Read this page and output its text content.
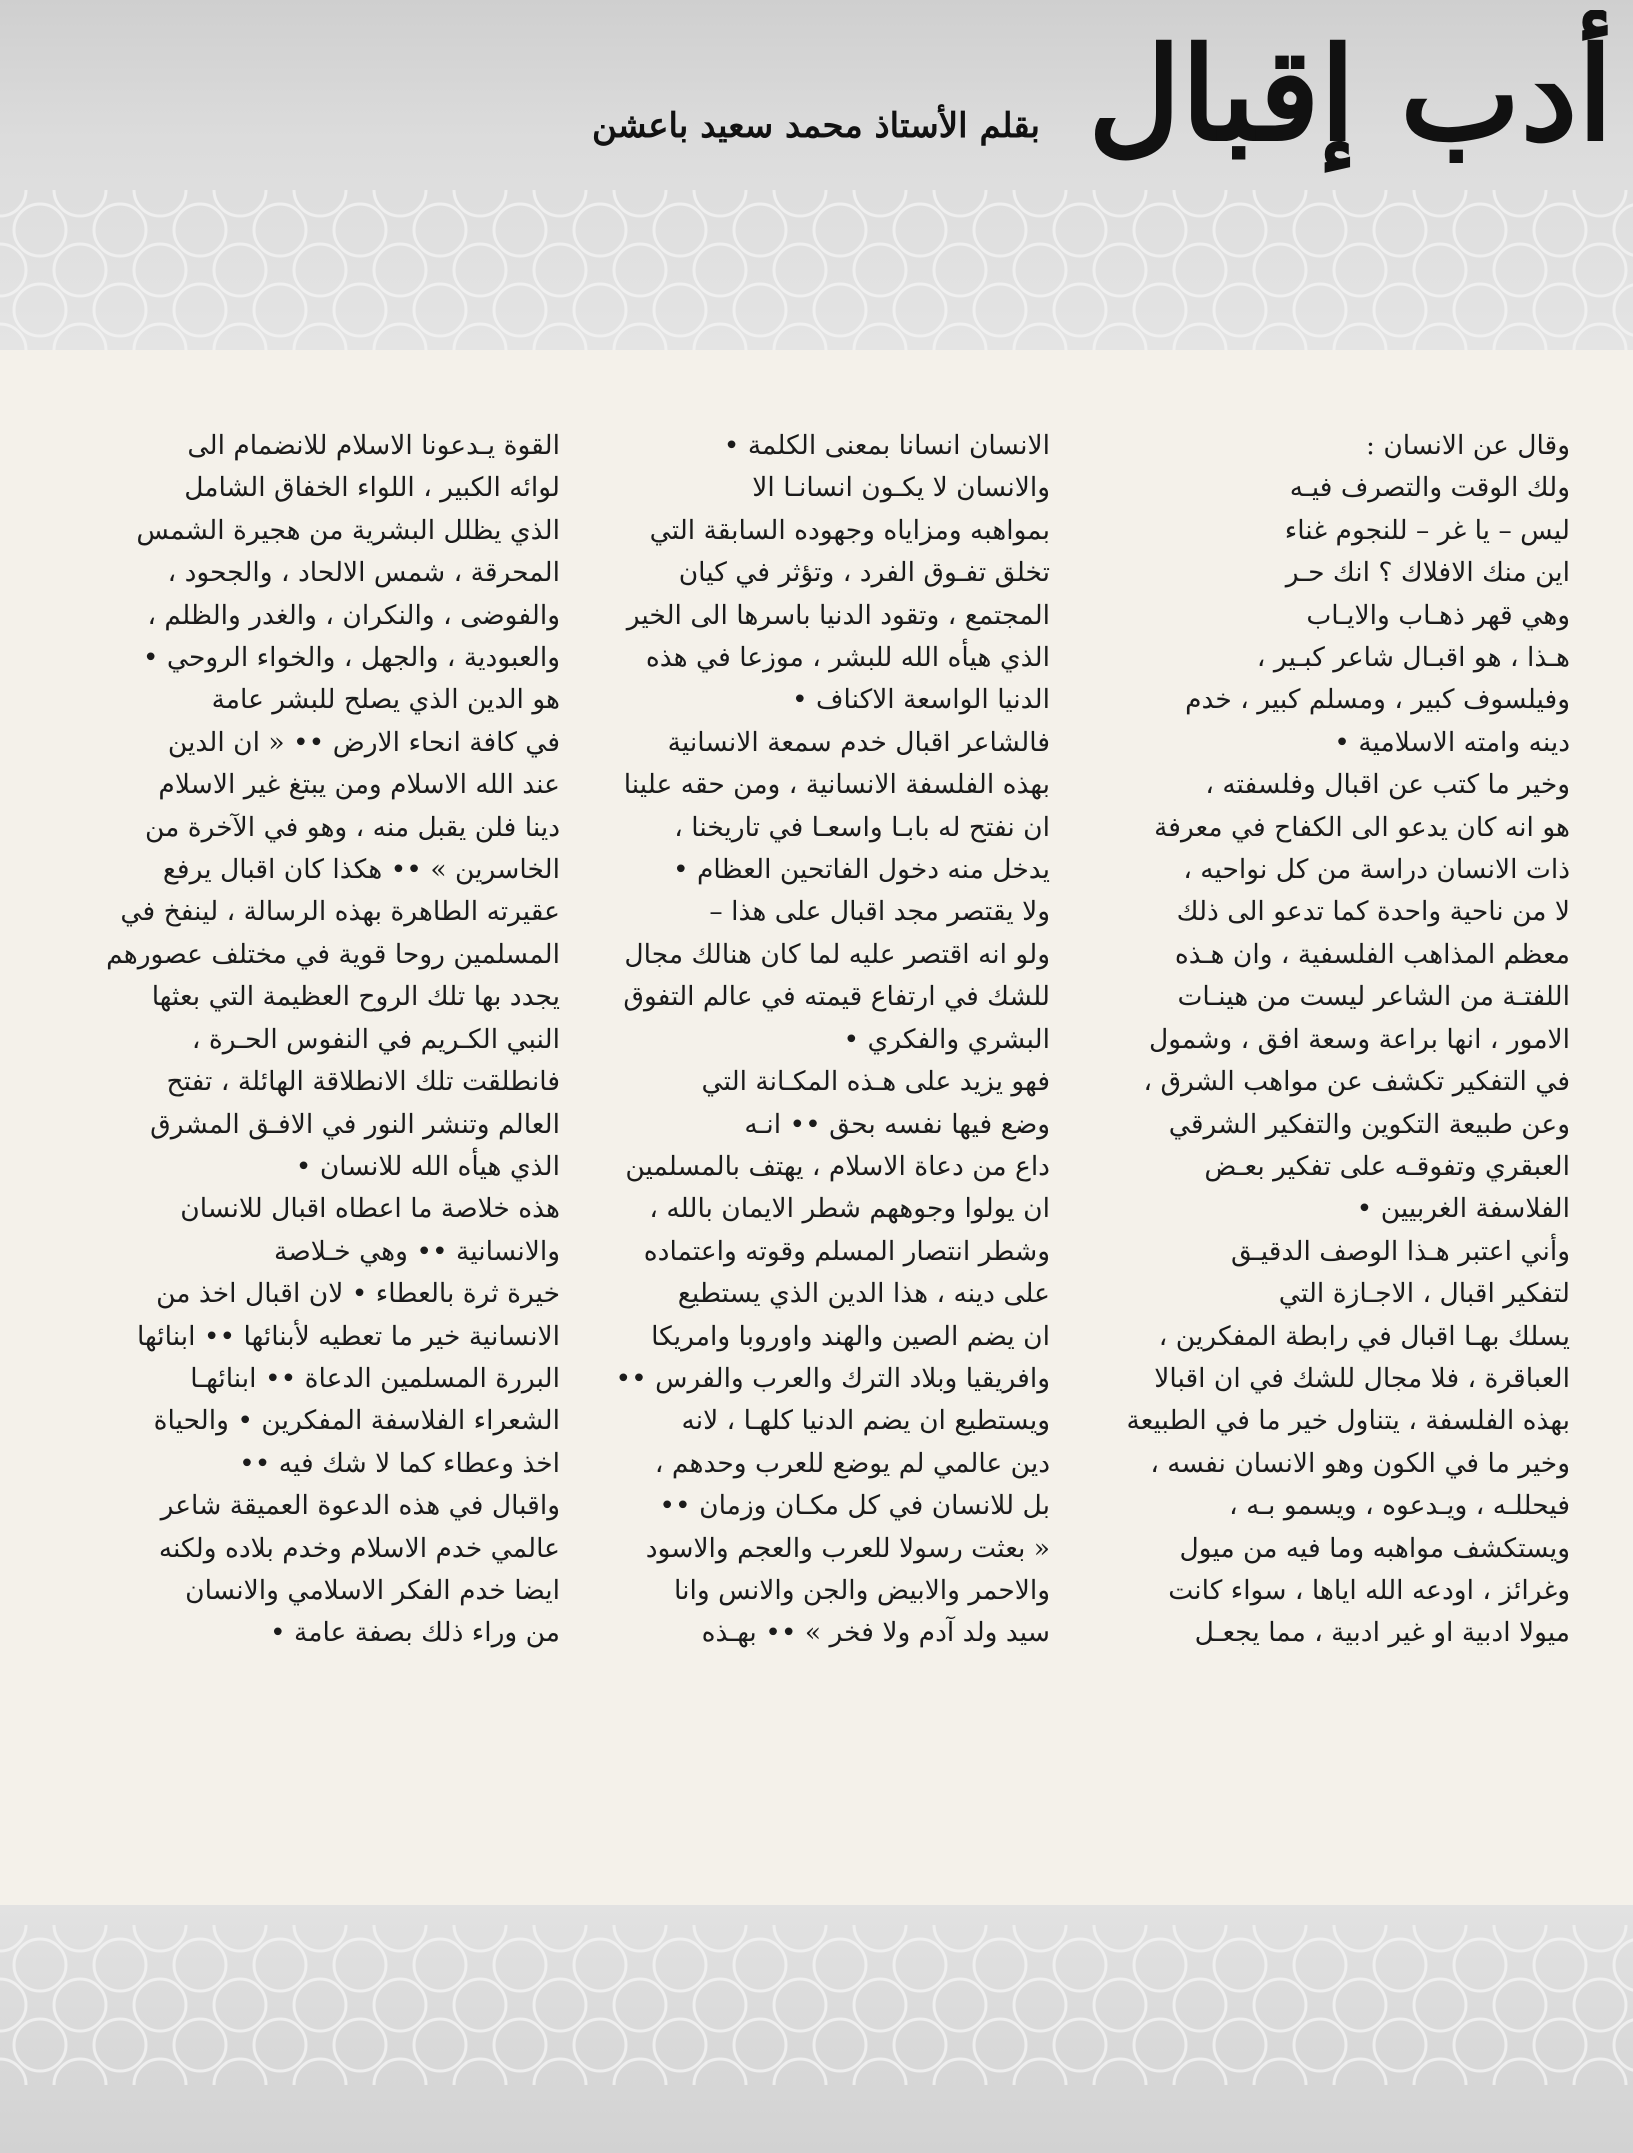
أدب إقبال
بقلم الأستاذ محمد سعيد باعشن

وقال عن الانسان :
ولك الوقت والتصرف فيـه
ليس – يا غر – للنجوم غناء
اين منك الافلاك ؟ انك حـر
وهي قهر ذهـاب والايـاب
هـذا ، هو اقبـال شاعر كبـير ،
وفيلسوف كبير ، ومسلم كبير ، خدم
دينه وامته الاسلامية •
وخير ما كتب عن اقبال وفلسفته ،
هو انه كان يدعو الى الكفاح في معرفة
ذات الانسان دراسة من كل نواحيه ،
لا من ناحية واحدة كما تدعو الى ذلك
معظم المذاهب الفلسفية ، وان هـذه
اللفتـة من الشاعر ليست من هينـات
الامور ، انها براعة وسعة افق ، وشمول
في التفكير تكشف عن مواهب الشرق ،
وعن طبيعة التكوين والتفكير الشرقي
العبقري وتفوقـه على تفكير بعـض
الفلاسفة الغربيين •
وأني اعتبر هـذا الوصف الدقيـق
لتفكير اقبال ، الاجـازة التي
يسلك بهـا اقبال في رابطة المفكرين ،
العباقرة ، فلا مجال للشك في ان اقبالا
بهذه الفلسفة ، يتناول خير ما في الطبيعة
وخير ما في الكون وهو الانسان نفسه ،
فيحللـه ، ويـدعوه ، ويسمو بـه ،
ويستكشف مواهبه وما فيه من ميول
وغرائز ، اودعه الله اياها ، سواء كانت
ميولا ادبية او غير ادبية ، مما يجعـل

الانسان انسانا بمعنى الكلمة •
والانسان لا يكـون انسانـا الا
بمواهبه ومزاياه وجهوده السابقة التي
تخلق تفـوق الفرد ، وتؤثر في كيان
المجتمع ، وتقود الدنيا باسرها الى الخير
الذي هيأه الله للبشر ، موزعا في هذه
الدنيا الواسعة الاكناف •
فالشاعر اقبال خدم سمعة الانسانية
بهذه الفلسفة الانسانية ، ومن حقه علينا
ان نفتح له بابـا واسعـا في تاريخنا ،
يدخل منه دخول الفاتحين العظام •
ولا يقتصر مجد اقبال على هذا –
ولو انه اقتصر عليه لما كان هنالك مجال
للشك في ارتفاع قيمته في عالم التفوق
البشري والفكري •
فهو يزيد على هـذه المكـانة التي
وضع فيها نفسه بحق •• انـه
داع من دعاة الاسلام ، يهتف بالمسلمين
ان يولوا وجوههم شطر الايمان بالله ،
وشطر انتصار المسلم وقوته واعتماده
على دينه ، هذا الدين الذي يستطيع
ان يضم الصين والهند واوروبا وامريكا
وافريقيا وبلاد الترك والعرب والفرس ••
ويستطيع ان يضم الدنيا كلهـا ، لانه
دين عالمي لم يوضع للعرب وحدهم ،
بل للانسان في كل مكـان وزمان ••
« بعثت رسولا للعرب والعجم والاسود
والاحمر والابيض والجن والانس وانا
سيد ولد آدم ولا فخر » •• بهـذه

القوة يـدعونا الاسلام للانضمام الى
لوائه الكبير ، اللواء الخفاق الشامل
الذي يظلل البشرية من هجيرة الشمس
المحرقة ، شمس الالحاد ، والجحود ،
والفوضى ، والنكران ، والغدر والظلم ،
والعبودية ، والجهل ، والخواء الروحي •
هو الدين الذي يصلح للبشر عامة
في كافة انحاء الارض •• « ان الدين
عند الله الاسلام ومن يبتغ غير الاسلام
دينا فلن يقبل منه ، وهو في الآخرة من
الخاسرين » •• هكذا كان اقبال يرفع
عقيرته الطاهرة بهذه الرسالة ، لينفخ في
المسلمين روحا قوية في مختلف عصورهم
يجدد بها تلك الروح العظيمة التي بعثها
النبي الكـريم في النفوس الحـرة ،
فانطلقت تلك الانطلاقة الهائلة ، تفتح
العالم وتنشر النور في الافـق المشرق
الذي هيأه الله للانسان •
هذه خلاصة ما اعطاه اقبال للانسان
والانسانية •• وهي خـلاصة
خيرة ثرة بالعطاء • لان اقبال اخذ من
الانسانية خير ما تعطيه لأبنائها •• ابنائها
البررة المسلمين الدعاة •• ابنائهـا
الشعراء الفلاسفة المفكرين • والحياة
اخذ وعطاء كما لا شك فيه ••
واقبال في هذه الدعوة العميقة شاعر
عالمي خدم الاسلام وخدم بلاده ولكنه
ايضا خدم الفكر الاسلامي والانسان
من وراء ذلك بصفة عامة •
